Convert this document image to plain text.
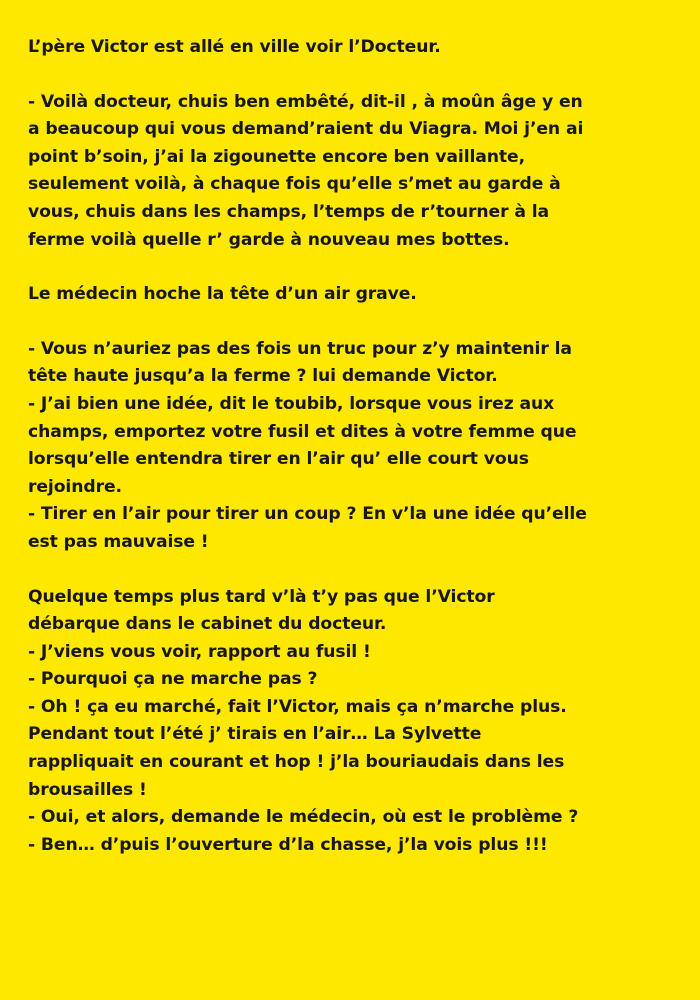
L’père Victor est allé en ville voir l’Docteur.
- Voilà docteur, chuis ben embêté, dit-il , à moûn âge y en
a beaucoup qui vous demand’raient du Viagra. Moi j’en ai
point b’soin, j’ai la zigounette encore ben vaillante,
seulement voilà, à chaque fois qu’elle s’met au garde à
vous, chuis dans les champs, l’temps de r’tourner à la
ferme voilà quelle r’ garde à nouveau mes bottes.
Le médecin hoche la tête d’un air grave.
- Vous n’auriez pas des fois un truc pour z’y maintenir la
tête haute jusqu’a la ferme ? lui demande Victor.
- J’ai bien une idée, dit le toubib, lorsque vous irez aux
champs, emportez votre fusil et dites à votre femme que
lorsqu’elle entendra tirer en l’air qu’ elle court vous
rejoindre.
- Tirer en l’air pour tirer un coup ? En v’la une idée qu’elle
est pas mauvaise !
Quelque temps plus tard v’là t’y pas que l’Victor
débarque dans le cabinet du docteur.
- J’viens vous voir, rapport au fusil !
- Pourquoi ça ne marche pas ?
- Oh ! ça eu marché, fait l’Victor, mais ça n’marche plus.
Pendant tout l’été j’ tirais en l’air… La Sylvette
rappliquait en courant et hop ! j’la bouriaudais dans les
brousailles !
- Oui, et alors, demande le médecin, où est le problème ?
- Ben… d’puis l’ouverture d’la chasse, j’la vois plus !!!
